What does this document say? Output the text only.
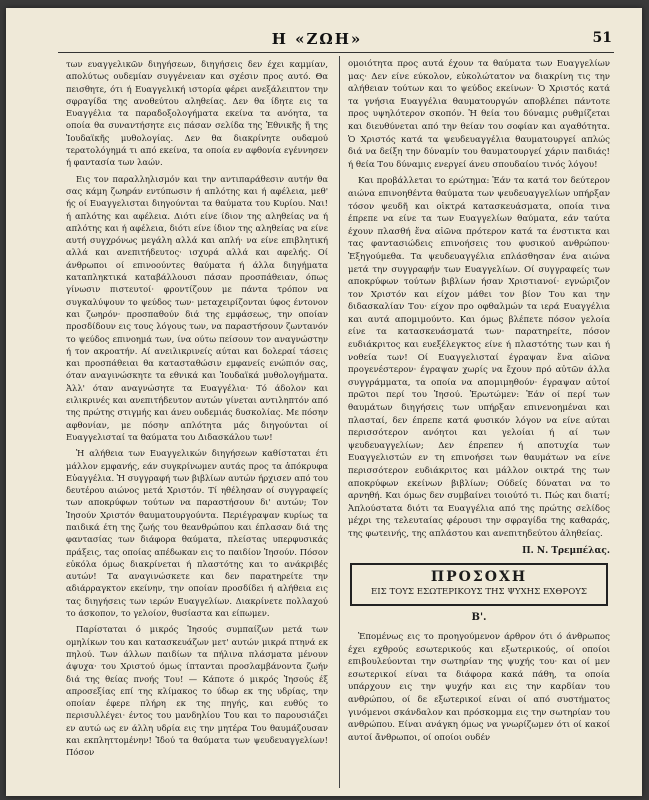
Η «ΖΩΗ»	51

των ευαγγελικῶν διηγήσεων, διηγήσεις δεν έχει καμμίαν, απολύτως ουδεμίαν συγγένειαν και σχέσιν προς αυτό. Θα πεισθητε, ότι ή Ευαγγελική ιστορία φέρει ανεξάλειπτον την σφραγίδα της ανοθεύτου αληθείας. Δεν θα ίδητε εις τα Ευαγγέλια τα παραδοξολογήματα εκείνα τα ανόητα, τα οποία θα συναντήσητε εις πάσαν σελίδα της Ἐθνικῆς ἤ της Ἰουδαϊκῆς μυθολογίας. Δεν θα διακρίνητε ουδαμού τερατολόγημά τι από εκείνα, τα οποία εν αφθονία εγέννησεν ή φαντασία των λαών.

Εις τον παραλληλισμόν και την αντιπαράθεσιν αυτήν θα σας κάμη ζωηράν εντύπωσιν ή απλότης και ή αφέλεια, μεθ' ής οί Ευαγγελισται διηγούνται τα θαύματα του Κυρίου. Ναι! ή απλότης και αφέλεια. Διότι είνε ίδιον της αληθείας να ή απλότης και ή αφέλεια, διότι είνε ίδιον της αληθείας να είνε αυτή συγχρόνως μεγάλη αλλά και απλή· να είνε επιβλητική αλλά και ανεπιτήδευτος· ισχυρά αλλά και αφελής. Οί άνθρωποι οί επινοούντες θαύματα ή άλλα διηγήματα καταπληκτικά καταβάλλουσι πάσαν προσπάθειαν, όπως γίνωσιν πιστευτοί· φροντίζουν με πάντα τρόπον να συγκαλύψουν το ψεύδος των· μεταχειρίζονται ύφος έντονον και ζωηρόν· προσπαθούν διά της εμφάσεως, την οποίαν προσδίδουν εις τους λόγους των, να παραστήσουν ζωντανόν το ψεύδος επινοημά των, ίνα ούτω πείσουν τον αναγνώστην ή τον ακροατήν. Αί ανειλικρινείς αύται και δολεραί τάσεις και προσπάθειαι θα κατασταθώσιν εμφανείς ενώπιόν σας, όταν αναγινώσκητε τα εθνικά και Ἰουδαϊκά μυθολογήματα. Ἀλλ' όταν αναγνώσητε τα Ευαγγέλια· Τό άδολον και ειλικρινές και ανεπιτήδευτον αυτών γίνεται αντιληπτόν από της πρώτης στιγμής και άνευ ουδεμιάς δυσκολίας. Με πόσην αφθονίαν, με πόσην απλότητα μάς διηγούνται οί Ευαγγελισταί τα θαύματα του Διδασκάλου των!

Ἡ αλήθεια των Ευαγγελικών διηγήσεων καθίσταται έτι μάλλον εμφανής, εάν συγκρίνωμεν αυτάς προς τα ἀπόκρυφα Εὐαγγέλια. Ἡ συγγραφή των βιβλίων αυτών ήρχισεν από του δευτέρου αιώνος μετά Χριστόν. Τί ηθέλησαν οί συγγραφείς των αποκρύφων τούτων να παραστήσουν δι' αυτών; Τον Ἰησούν Χριστόν θαυματουργούντα. Περιέγραψαν κυρίως τα παιδικά έτη της ζωής του θεανθρώπου και έπλασαν διά της φαντασίας των διάφορα θαύματα, πλείστας υπερφυσικάς πράξεις, τας οποίας απέδωκαν εις το παιδίον Ἰησούν. Πόσον εὐκόλα όμως διακρίνεται ή πλαστότης και το ανάκριβές αυτών! Τα αναγινώσκετε και δεν παρατηρείτε την αδιάρραγκτον εκείνην, την οποίαν προσδίδει ή αλήθεια εις τας διηγήσεις των ιερών Ευαγγελίων. Διακρίνετε πολλαχού το άσκοπον, το γελοίον, θυσίαστα και είπωμεν.

Παρίσταται ό μικρός Ἰησούς συμπαίζων μετά των ομηλίκων του και κατασκευάζων μετ' αυτών μικρά πτηνά εκ πηλού. Των άλλων παιδίων τα πήλινα πλάσματα μένουν άψυχα· του Χριστού όμως ίπτανται προσλαμβάνοντα ζωήν διά της θείας πνοής Του! — Κάποτε ό μικρός Ἰησούς έξ απροσεξίας επί της κλίμακος το ύδωρ εκ της υδρίας, την οποίαν έφερε πλήρη εκ της πηγής, και ευθύς το περισυλλέγει· έντος του μανδηλίου Του και το παρουσιάζει εν αυτώ ως εν άλλη υδρία εις την μητέρα Του θαυμάζουσαν και εκπληττομένην! Ἰδού τα θαύματα των ψευδευαγγελίων! Πόσον

ομοιότητα προς αυτά έχουν τα θαύματα των Ευαγγελίων μας· Δεν είνε εύκολον, εὐκολώτατον να διακρίνη τις την αλήθειαν τούτων και το ψεύδος εκείνων· Ὁ Χριστός κατά τα γνήσια Ευαγγέλια θαυματουργών αποβλέπει πάντοτε προς υψηλότερον σκοπόν. Ἡ θεία του δύναμις ρυθμίζεται και διευθύνεται από την θείαν του σοφίαν και αγαθότητα. Ὁ Χριστός κατά τα ψευδευαγγέλια θαυματουργεί απλώς διά να δείξη την δύναμίν του θαυματουργεί χάριν παιδιάς! ή θεία Του δύναμις ενεργεί άνευ σπουδαίου τινός λόγου!

Και προβάλλεται το ερώτημα: Ἐάν τα κατά τον δεύτερον αιώνα επινοηθέντα θαύματα των ψευδευαγγελίων υπήρξαν τόσον ψευδῆ και οἰκτρά κατασκευάσματα, οποία τινα έπρεπε να είνε τα των Ευαγγελίων θαύματα, εάν ταύτα έχουν πλασθή ἕνα αἰῶνα πρότερον κατά τα ένστικτα και τας φαντασιώδεις επινοήσεις του φυσικού ανθρώπου· Ἐξηγούμεθα. Τα ψευδευαγγέλια επλάσθησαν ένα αιώνα μετά την συγγραφήν των Ευαγγελίων. Οί συγγραφείς των αποκρύφων τούτων βιβλίων ήσαν Χριστιανοί· εγνώριζον τον Χριστόν και είχον μάθει τον βίον Του και την διδασκαλίαν Του· είχον προ οφθαλμών τα ιερά Ευαγγέλια και αυτά απομιμούντο. Και όμως βλέπετε πόσον γελοία είνε τα κατασκευάσματά των· παρατηρείτε, πόσον ευδιάκριτος και ευεξέλεγκτος είνε ή πλαστότης των και ή νοθεία των! Οί Ευαγγελισταί έγραψαν ἕνα αἰῶνα προγενέστερον· έγραψαν χωρίς να ἔχουν πρό αὐτῶν άλλα συγγράμματα, τα οποία να απομιμηθούν· έγραψαν αὐτοί πρῶτοι περί του Ἰησού. Ἐρωτώμεν: Ἐάν οί περί των θαυμάτων διηγήσεις των υπήρξαν επινενοημέναι και πλασταί, δεν έπρεπε κατά φυσικόν λόγον να είνε αύται περισσότερον ανόητοι και γελοίαι ή αί των ψευδευαγγελίων; Δεν έπρεπεν ή αποτυχία των Ευαγγελιστών εν τη επινοήσει των θαυμάτων να είνε περισσότερον ευδιάκριτος και μάλλον οικτρά της των αποκρύφων εκείνων βιβλίων; Ούδείς δύναται να το αρνηθή. Και όμως δεν συμβαίνει τοιούτό τι. Πώς και διατί; Ἀπλούστατα διότι τα Ευαγγέλια από της πρώτης σελίδος μέχρι της τελευταίας φέρουσι την σφραγίδα της καθαράς, της φωτεινής, της απλάστου και ανεπιτηδεύτου ἀληθείας.

Π. Ν. Τρεμπέλας.
ΠΡΟΣΟΧΗ
ΕΙΣ ΤΟΥΣ ΕΣΩΤΕΡΙΚΟΥΣ ΤΗΣ ΨΥΧΗΣ ΕΧΘΡΟΥΣ
Β'.

Ἐπομένως εις το προηγούμενον άρθρον ότι ό άνθρωπος έχει εχθρούς εσωτερικούς και εξωτερικούς, οί οποίοι επιβουλεύονται την σωτηρίαν της ψυχής του· και οί μεν εσωτερικοί είναι τα διάφορα κακά πάθη, τα οποία υπάρχουν εις την ψυχήν και εις την καρδίαν του ανθρώπου, οί δε εξωτερικοί είναι οί από συστήματος γινόμενοι σκάνδαλον και πρόσκομμα εις την σωτηρίαν του ανθρώπου. Είναι ανάγκη όμως να γνωρίζωμεν ότι οί κακοί αυτοί ἄνθρωποι, οί οποίοι ουδέν
